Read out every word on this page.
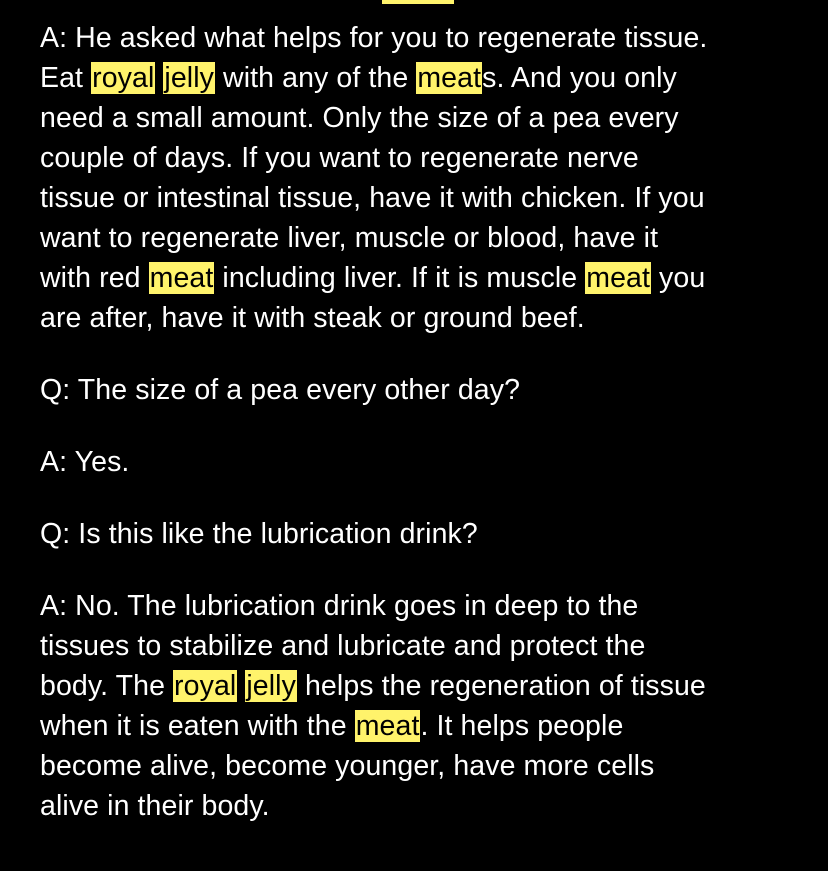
A: He asked what helps for you to regenerate tissue.
Eat royal jelly with any of the meats. And you only
need a small amount. Only the size of a pea every
couple of days. If you want to regenerate nerve
tissue or intestinal tissue, have it with chicken. If you
want to regenerate liver, muscle or blood, have it
with red meat including liver. If it is muscle meat you
are after, have it with steak or ground beef.
Q: The size of a pea every other day?
A: Yes.
Q: Is this like the lubrication drink?
A: No. The lubrication drink goes in deep to the
tissues to stabilize and lubricate and protect the
body. The royal jelly helps the regeneration of tissue
when it is eaten with the meat. It helps people
become alive, become younger, have more cells
alive in their body.
